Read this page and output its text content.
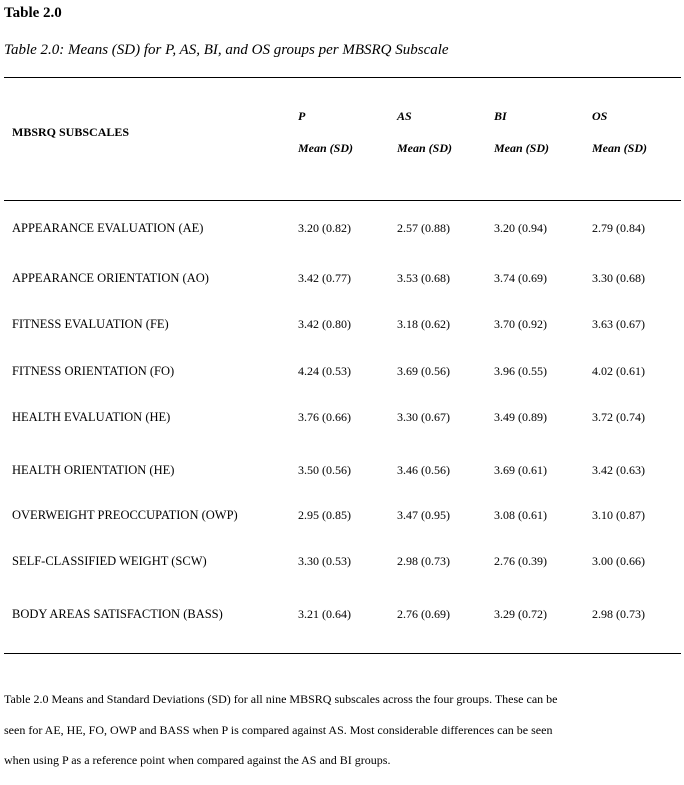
Table 2.0
Table 2.0: Means (SD) for P, AS, BI, and OS groups per MBSRQ Subscale
MBSRQ SUBSCALES
P	AS	BI	OS
Mean (SD)	Mean (SD)	Mean (SD)	Mean (SD)
APPEARANCE EVALUATION (AE)	3.20 (0.82)	2.57 (0.88)	3.20 (0.94)	2.79 (0.84)
APPEARANCE ORIENTATION (AO)	3.42 (0.77)	3.53 (0.68)	3.74 (0.69)	3.30 (0.68)
FITNESS EVALUATION (FE)	3.42 (0.80)	3.18 (0.62)	3.70 (0.92)	3.63 (0.67)
FITNESS ORIENTATION (FO)	4.24 (0.53)	3.69 (0.56)	3.96 (0.55)	4.02 (0.61)
HEALTH EVALUATION (HE)	3.76 (0.66)	3.30 (0.67)	3.49 (0.89)	3.72 (0.74)
HEALTH ORIENTATION (HE)	3.50 (0.56)	3.46 (0.56)	3.69 (0.61)	3.42 (0.63)
OVERWEIGHT PREOCCUPATION (OWP)	2.95 (0.85)	3.47 (0.95)	3.08 (0.61)	3.10 (0.87)
SELF-CLASSIFIED WEIGHT (SCW)	3.30 (0.53)	2.98 (0.73)	2.76 (0.39)	3.00 (0.66)
BODY AREAS SATISFACTION (BASS)	3.21 (0.64)	2.76 (0.69)	3.29 (0.72)	2.98 (0.73)
Table 2.0 Means and Standard Deviations (SD) for all nine MBSRQ subscales across the four groups. These can be
seen for AE, HE, FO, OWP and BASS when P is compared against AS. Most considerable differences can be seen
when using P as a reference point when compared against the AS and BI groups.
